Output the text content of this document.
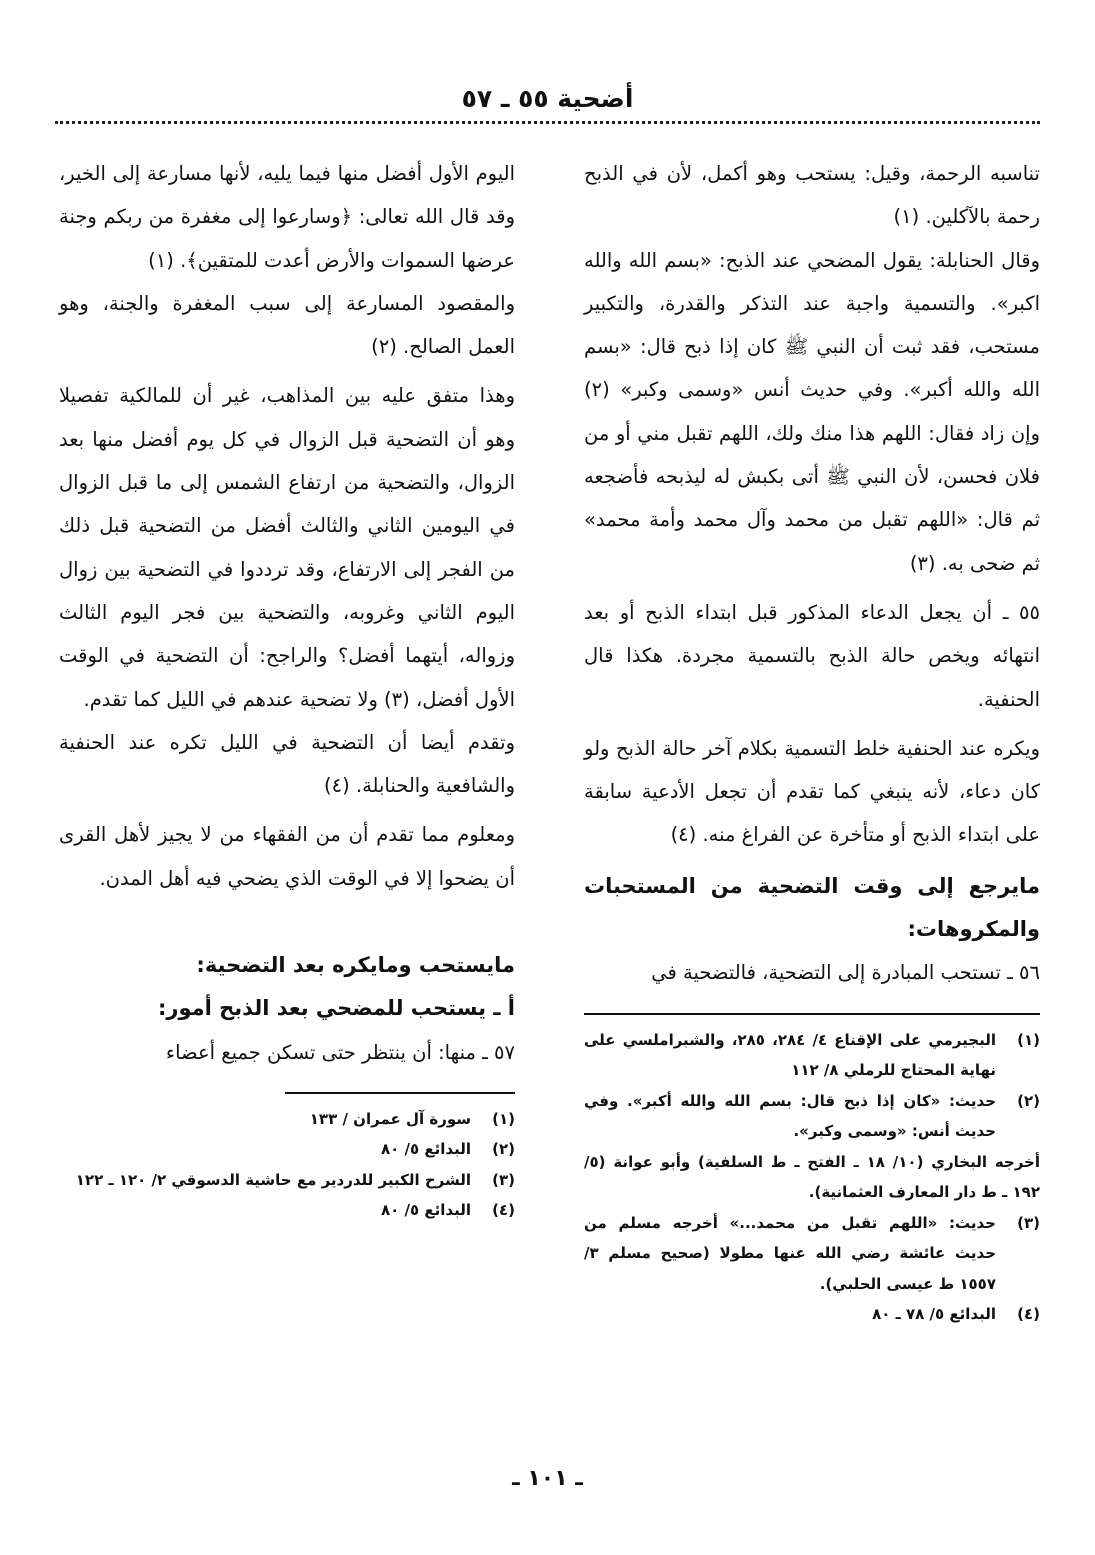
أضحية ٥٥ ـ ٥٧

تناسبه الرحمة، وقيل: يستحب وهو أكمل، لأن في الذبح رحمة بالآكلين. (١)

وقال الحنابلة: يقول المضحي عند الذبح: «بسم الله والله اكبر». والتسمية واجبة عند التذكر والقدرة، والتكبير مستحب، فقد ثبت أن النبي ﷺ كان إذا ذبح قال: «بسم الله والله أكبر». وفي حديث أنس «وسمى وكبر» (٢) وإن زاد فقال: اللهم هذا منك ولك، اللهم تقبل مني أو من فلان فحسن، لأن النبي ﷺ أتى بكبش له ليذبحه فأضجعه ثم قال: «اللهم تقبل من محمد وآل محمد وأمة محمد» ثم ضحى به. (٣)

٥٥ ـ أن يجعل الدعاء المذكور قبل ابتداء الذبح أو بعد انتهائه ويخص حالة الذبح بالتسمية مجردة. هكذا قال الحنفية.

ويكره عند الحنفية خلط التسمية بكلام آخر حالة الذبح ولو كان دعاء، لأنه ينبغي كما تقدم أن تجعل الأدعية سابقة على ابتداء الذبح أو متأخرة عن الفراغ منه. (٤)

مايرجع إلى وقت التضحية من المستحبات والمكروهات:

٥٦ ـ تستحب المبادرة إلى التضحية، فالتضحية في

(١)
البجيرمي على الإقناع ٤/ ٢٨٤، ٢٨٥، والشبراملسي على نهاية المحتاج للرملي ٨/ ١١٢
(٢)
حديث: «كان إذا ذبح قال: بسم الله والله أكبر». وفي حديث أنس: «وسمى وكبر».
أخرجه البخاري (١٠/ ١٨ ـ الفتح ـ ط السلفية) وأبو عوانة (٥/ ١٩٢ ـ ط دار المعارف العثمانية).
(٣)
حديث: «اللهم تقبل من محمد...» أخرجه مسلم من حديث عائشة رضي الله عنها مطولا (صحيح مسلم ٣/ ١٥٥٧ ط عيسى الحلبي).
(٤)
البدائع ٥/ ٧٨ ـ ٨٠

اليوم الأول أفضل منها فيما يليه، لأنها مسارعة إلى الخير، وقد قال الله تعالى: ﴿وسارعوا إلى مغفرة من ربكم وجنة عرضها السموات والأرض أعدت للمتقين﴾. (١)

والمقصود المسارعة إلى سبب المغفرة والجنة، وهو العمل الصالح. (٢)

وهذا متفق عليه بين المذاهب، غير أن للمالكية تفصيلا وهو أن التضحية قبل الزوال في كل يوم أفضل منها بعد الزوال، والتضحية من ارتفاع الشمس إلى ما قبل الزوال في اليومين الثاني والثالث أفضل من التضحية قبل ذلك من الفجر إلى الارتفاع، وقد ترددوا في التضحية بين زوال اليوم الثاني وغروبه، والتضحية بين فجر اليوم الثالث وزواله، أيتهما أفضل؟ والراجح: أن التضحية في الوقت الأول أفضل، (٣) ولا تضحية عندهم في الليل كما تقدم.

وتقدم أيضا أن التضحية في الليل تكره عند الحنفية والشافعية والحنابلة. (٤)

ومعلوم مما تقدم أن من الفقهاء من لا يجيز لأهل القرى أن يضحوا إلا في الوقت الذي يضحي فيه أهل المدن.

مايستحب ومايكره بعد التضحية:

أ ـ يستحب للمضحي بعد الذبح أمور:

٥٧ ـ منها: أن ينتظر حتى تسكن جميع أعضاء

(١)
سورة آل عمران / ١٣٣
(٢)
البدائع ٥/ ٨٠
(٣)
الشرح الكبير للدردير مع حاشية الدسوقي ٢/ ١٢٠ ـ ١٢٢
(٤)
البدائع ٥/ ٨٠
ـ ١٠١ ـ
